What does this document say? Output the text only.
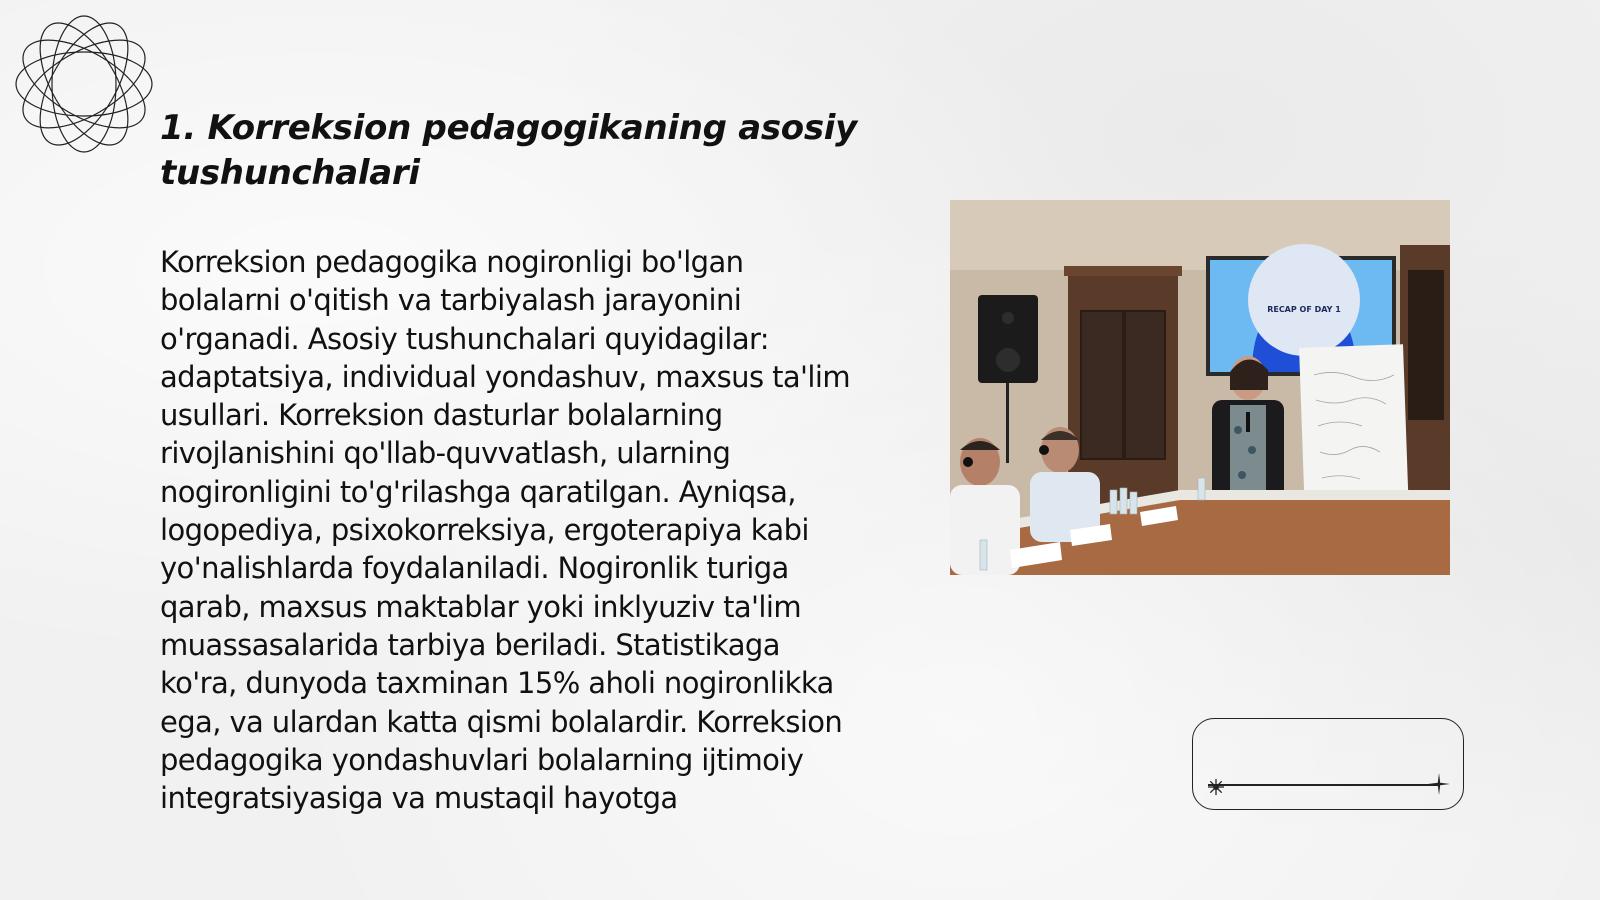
1. Korreksion pedagogikaning asosiy tushunchalari

Korreksion pedagogika nogironligi bo'lgan bolalarni o'qitish va tarbiyalash jarayonini o'rganadi. Asosiy tushunchalari quyidagilar: adaptatsiya, individual yondashuv, maxsus ta'lim usullari. Korreksion dasturlar bolalarning rivojlanishini qo'llab-quvvatlash, ularning nogironligini to'g'rilashga qaratilgan. Ayniqsa, logopediya, psixokorreksiya, ergoterapiya kabi yo'nalishlarda foydalaniladi. Nogironlik turiga qarab, maxsus maktablar yoki inklyuziv ta'lim muassasalarida tarbiya beriladi. Statistikaga ko'ra, dunyoda taxminan 15% aholi nogironlikka ega, va ulardan katta qismi bolalardir. Korreksion pedagogika yondashuvlari bolalarning ijtimoiy integratsiyasiga va mustaqil hayotga

RECAP OF DAY 1
